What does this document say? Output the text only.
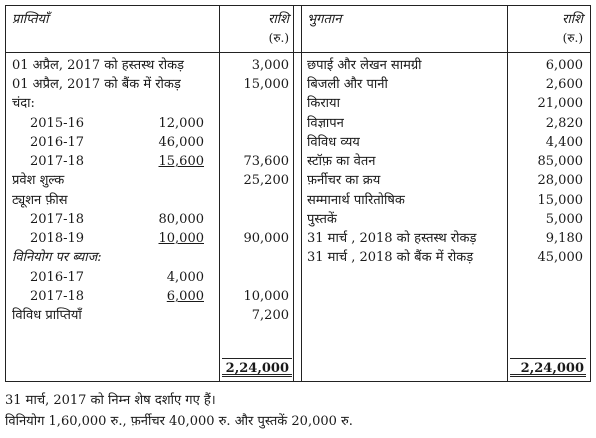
प्राप्तियाँ	राशि
(रु.)
भुगतान	राशि
(रु.)
01 अप्रैल, 2017 को हस्तस्थ रोकड़	3,000
01 अप्रैल, 2017 को बैंक में रोकड़	15,000
चंदा:
2015-16	12,000
2016-17	46,000
2017-18	15,600	73,600
प्रवेश शुल्क	25,200
ट्यूशन फ़ीस
2017-18	80,000
2018-19	10,000	90,000
विनियोग पर ब्याज:
2016-17	4,000
2017-18	6,000	10,000
विविध प्राप्तियाँ	7,200
छपाई और लेखन सामग्री	6,000
बिजली और पानी	2,600
किराया	21,000
विज्ञापन	2,820
विविध व्यय	4,400
स्टॉफ़ का वेतन	85,000
फ़र्नीचर का क्रय	28,000
सम्मानार्थ पारितोषिक	15,000
पुस्तकें	5,000
31 मार्च , 2018 को हस्तस्थ रोकड़	9,180
31 मार्च , 2018 को बैंक में रोकड़	45,000
2,24,000	2,24,000
31 मार्च, 2017 को निम्न शेष दर्शाए गए हैं।
विनियोग 1,60,000 रु., फ़र्नीचर 40,000 रु. और पुस्तकें 20,000 रु.
